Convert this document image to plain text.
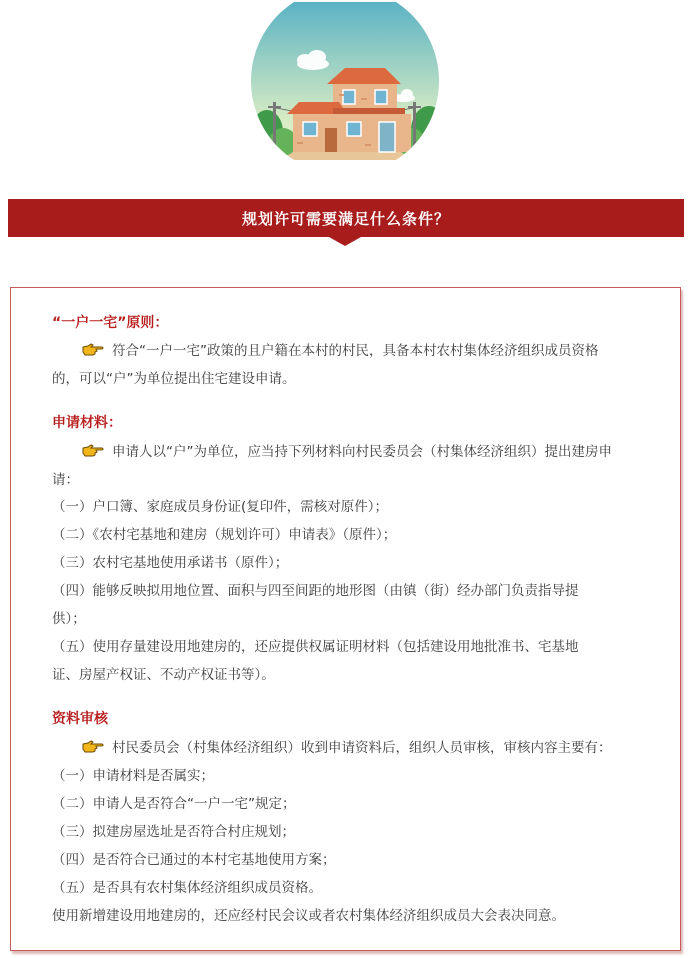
规划许可需要满足什么条件？
“一户一宅”原则：
符合“一户一宅”政策的且户籍在本村的村民，具备本村农村集体经济组织成员资格
的，可以“户”为单位提出住宅建设申请。
申请材料：
申请人以“户”为单位，应当持下列材料向村民委员会（村集体经济组织）提出建房申
请：
（一）户口簿、家庭成员身份证(复印件，需核对原件）；
（二）《农村宅基地和建房（规划许可）申请表》（原件）；
（三）农村宅基地使用承诺书（原件）；
（四）能够反映拟用地位置、面积与四至间距的地形图（由镇（街）经办部门负责指导提
供）；
（五）使用存量建设用地建房的，还应提供权属证明材料（包括建设用地批准书、宅基地
证、房屋产权证、不动产权证书等）。
资料审核
村民委员会（村集体经济组织）收到申请资料后，组织人员审核，审核内容主要有：
（一）申请材料是否属实；
（二）申请人是否符合“一户一宅”规定；
（三）拟建房屋选址是否符合村庄规划；
（四）是否符合已通过的本村宅基地使用方案；
（五）是否具有农村集体经济组织成员资格。
使用新增建设用地建房的，还应经村民会议或者农村集体经济组织成员大会表决同意。
